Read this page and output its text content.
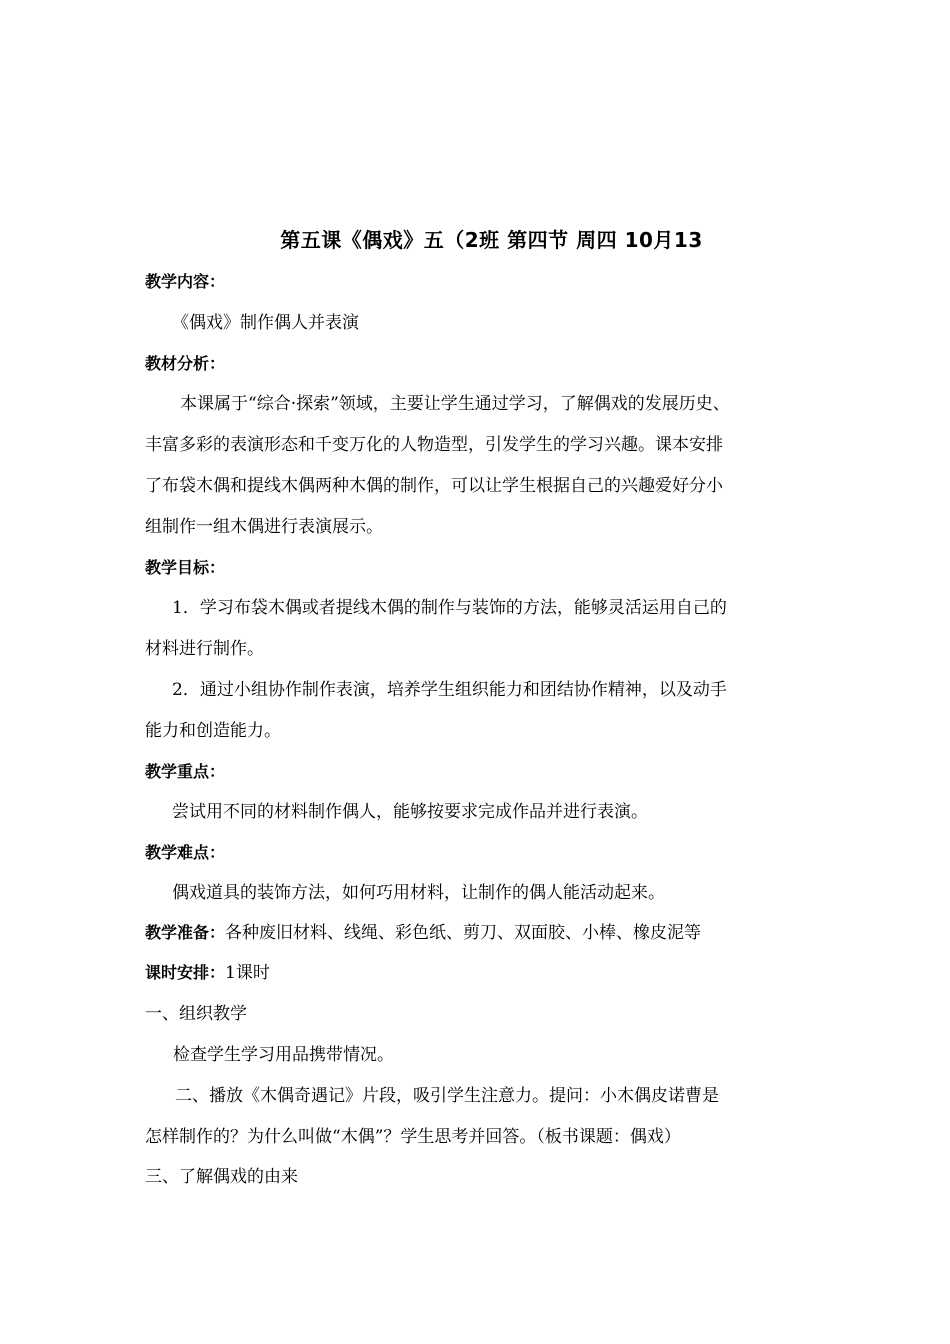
第五课《偶戏》五（2班 第四节 周四 10月13
教学内容：
《偶戏》制作偶人并表演
教材分析：
本课属于“综合·探索”领域，主要让学生通过学习，了解偶戏的发展历史、
丰富多彩的表演形态和千变万化的人物造型，引发学生的学习兴趣。课本安排
了布袋木偶和提线木偶两种木偶的制作，可以让学生根据自己的兴趣爱好分小
组制作一组木偶进行表演展示。
教学目标：
1．学习布袋木偶或者提线木偶的制作与装饰的方法，能够灵活运用自己的
材料进行制作。
2．通过小组协作制作表演，培养学生组织能力和团结协作精神，以及动手
能力和创造能力。
教学重点：
尝试用不同的材料制作偶人，能够按要求完成作品并进行表演。
教学难点：
偶戏道具的装饰方法，如何巧用材料，让制作的偶人能活动起来。
教学准备：各种废旧材料、线绳、彩色纸、剪刀、双面胶、小棒、橡皮泥等
课时安排：1课时
一、组织教学
检查学生学习用品携带情况。
二、播放《木偶奇遇记》片段，吸引学生注意力。提问：小木偶皮诺曹是
怎样制作的？为什么叫做“木偶”？学生思考并回答。（板书课题：偶戏）
三、了解偶戏的由来
